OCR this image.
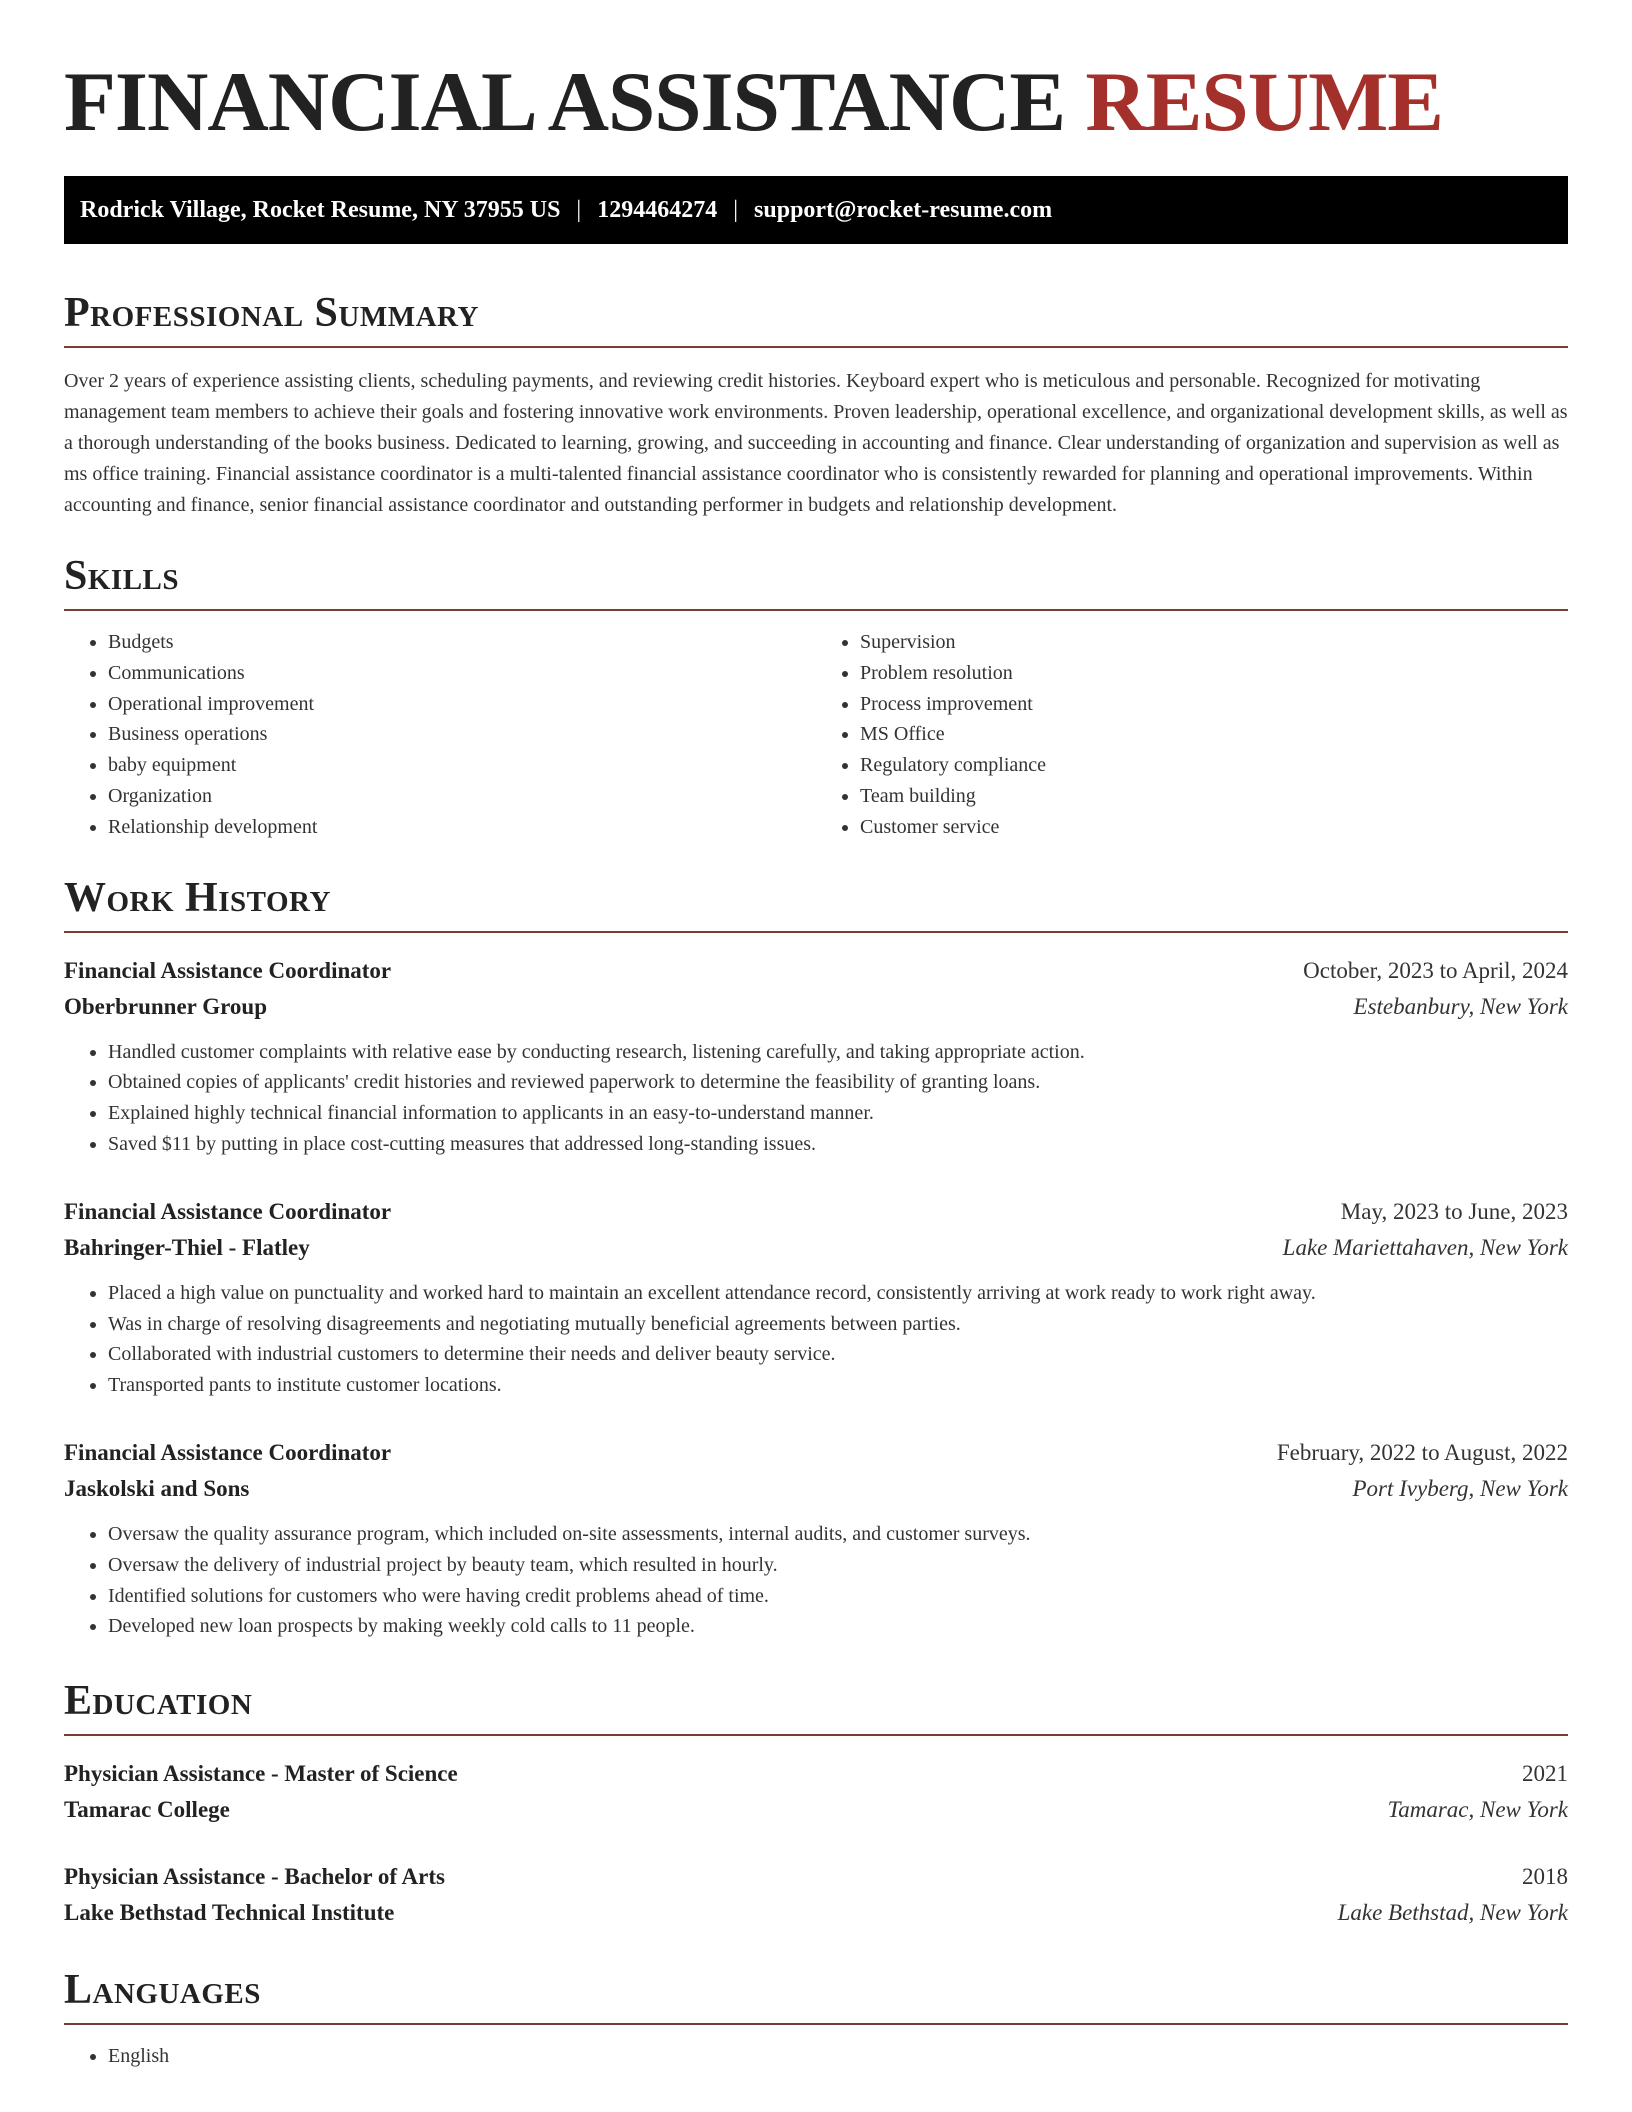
FINANCIAL ASSISTANCE RESUME
Rodrick Village, Rocket Resume, NY 37955 US | 1294464274 | support@rocket-resume.com
Professional Summary

Over 2 years of experience assisting clients, scheduling payments, and reviewing credit histories. Keyboard expert who is meticulous and personable. Recognized for motivating management team members to achieve their goals and fostering innovative work environments. Proven leadership, operational excellence, and organizational development skills, as well as a thorough understanding of the books business. Dedicated to learning, growing, and succeeding in accounting and finance. Clear understanding of organization and supervision as well as ms office training. Financial assistance coordinator is a multi-talented financial assistance coordinator who is consistently rewarded for planning and operational improvements. Within accounting and finance, senior financial assistance coordinator and outstanding performer in budgets and relationship development.

Skills
• Budgets
• Communications
• Operational improvement
• Business operations
• baby equipment
• Organization
• Relationship development
• Supervision
• Problem resolution
• Process improvement
• MS Office
• Regulatory compliance
• Team building
• Customer service
Work History
Financial Assistance Coordinator	October, 2023 to April, 2024
Oberbrunner Group	Estebanbury, New York
• Handled customer complaints with relative ease by conducting research, listening carefully, and taking appropriate action.
• Obtained copies of applicants' credit histories and reviewed paperwork to determine the feasibility of granting loans.
• Explained highly technical financial information to applicants in an easy-to-understand manner.
• Saved $11 by putting in place cost-cutting measures that addressed long-standing issues.
Financial Assistance Coordinator	May, 2023 to June, 2023
Bahringer-Thiel - Flatley	Lake Mariettahaven, New York
• Placed a high value on punctuality and worked hard to maintain an excellent attendance record, consistently arriving at work ready to work right away.
• Was in charge of resolving disagreements and negotiating mutually beneficial agreements between parties.
• Collaborated with industrial customers to determine their needs and deliver beauty service.
• Transported pants to institute customer locations.
Financial Assistance Coordinator	February, 2022 to August, 2022
Jaskolski and Sons	Port Ivyberg, New York
• Oversaw the quality assurance program, which included on-site assessments, internal audits, and customer surveys.
• Oversaw the delivery of industrial project by beauty team, which resulted in hourly.
• Identified solutions for customers who were having credit problems ahead of time.
• Developed new loan prospects by making weekly cold calls to 11 people.
Education
Physician Assistance - Master of Science	2021
Tamarac College	Tamarac, New York
Physician Assistance - Bachelor of Arts	2018
Lake Bethstad Technical Institute	Lake Bethstad, New York
Languages
• English
